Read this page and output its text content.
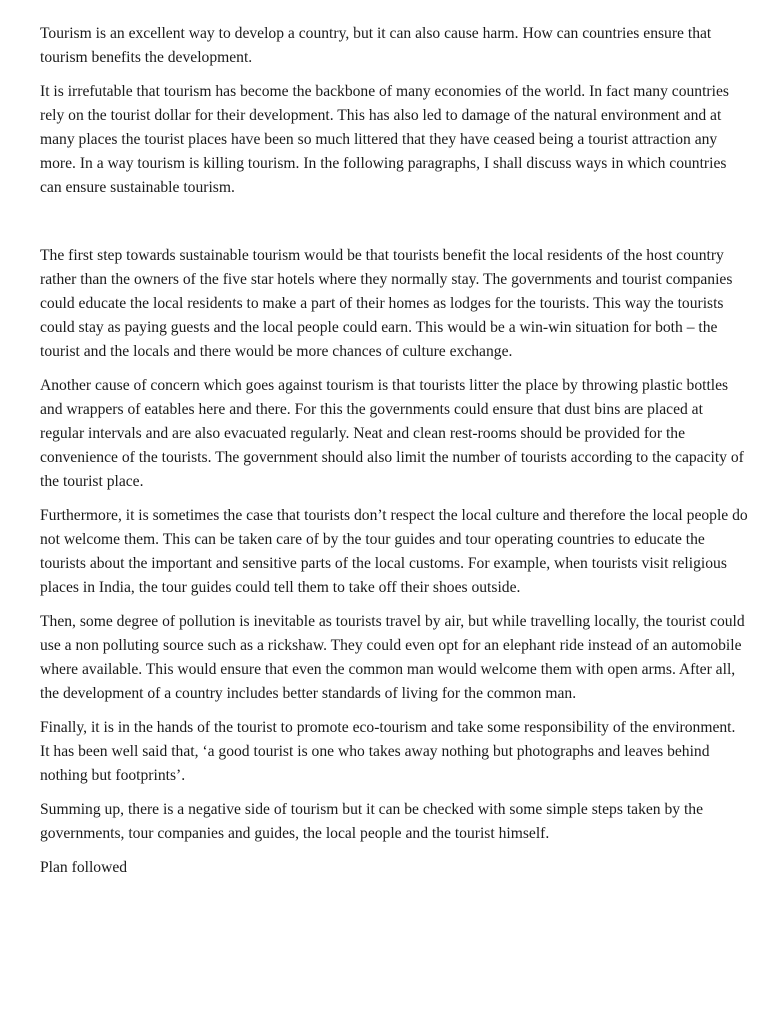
Tourism is an excellent way to develop a country, but it can also cause harm. How can countries ensure that tourism benefits the development.

It is irrefutable that tourism has become the backbone of many economies of the world. In fact many countries rely on the tourist dollar for their development. This has also led to damage of the natural environment and at many places the tourist places have been so much littered that they have ceased being a tourist attraction any more. In a way tourism is killing tourism. In the following paragraphs, I shall discuss ways in which countries can ensure sustainable tourism.

The first step towards sustainable tourism would be that tourists benefit the local residents of the host country rather than the owners of the five star hotels where they normally stay. The governments and tourist companies could educate the local residents to make a part of their homes as lodges for the tourists. This way the tourists could stay as paying guests and the local people could earn. This would be a win-win situation for both – the tourist and the locals and there would be more chances of culture exchange.

Another cause of concern which goes against tourism is that tourists litter the place by throwing plastic bottles and wrappers of eatables here and there. For this the governments could ensure that dust bins are placed at regular intervals and are also evacuated regularly. Neat and clean rest-rooms should be provided for the convenience of the tourists. The government should also limit the number of tourists according to the capacity of the tourist place.

Furthermore, it is sometimes the case that tourists don’t respect the local culture and therefore the local people do not welcome them. This can be taken care of by the tour guides and tour operating countries to educate the tourists about the important and sensitive parts of the local customs. For example, when tourists visit religious places in India, the tour guides could tell them to take off their shoes outside.

Then, some degree of pollution is inevitable as tourists travel by air, but while travelling locally, the tourist could use a non polluting source such as a rickshaw. They could even opt for an elephant ride instead of an automobile where available. This would ensure that even the common man would welcome them with open arms. After all, the development of a country includes better standards of living for the common man.

Finally, it is in the hands of the tourist to promote eco-tourism and take some responsibility of the environment. It has been well said that, ‘a good tourist is one who takes away nothing but photographs and leaves behind nothing but footprints’.

Summing up, there is a negative side of tourism but it can be checked with some simple steps taken by the governments, tour companies and guides, the local people and the tourist himself.

Plan followed
